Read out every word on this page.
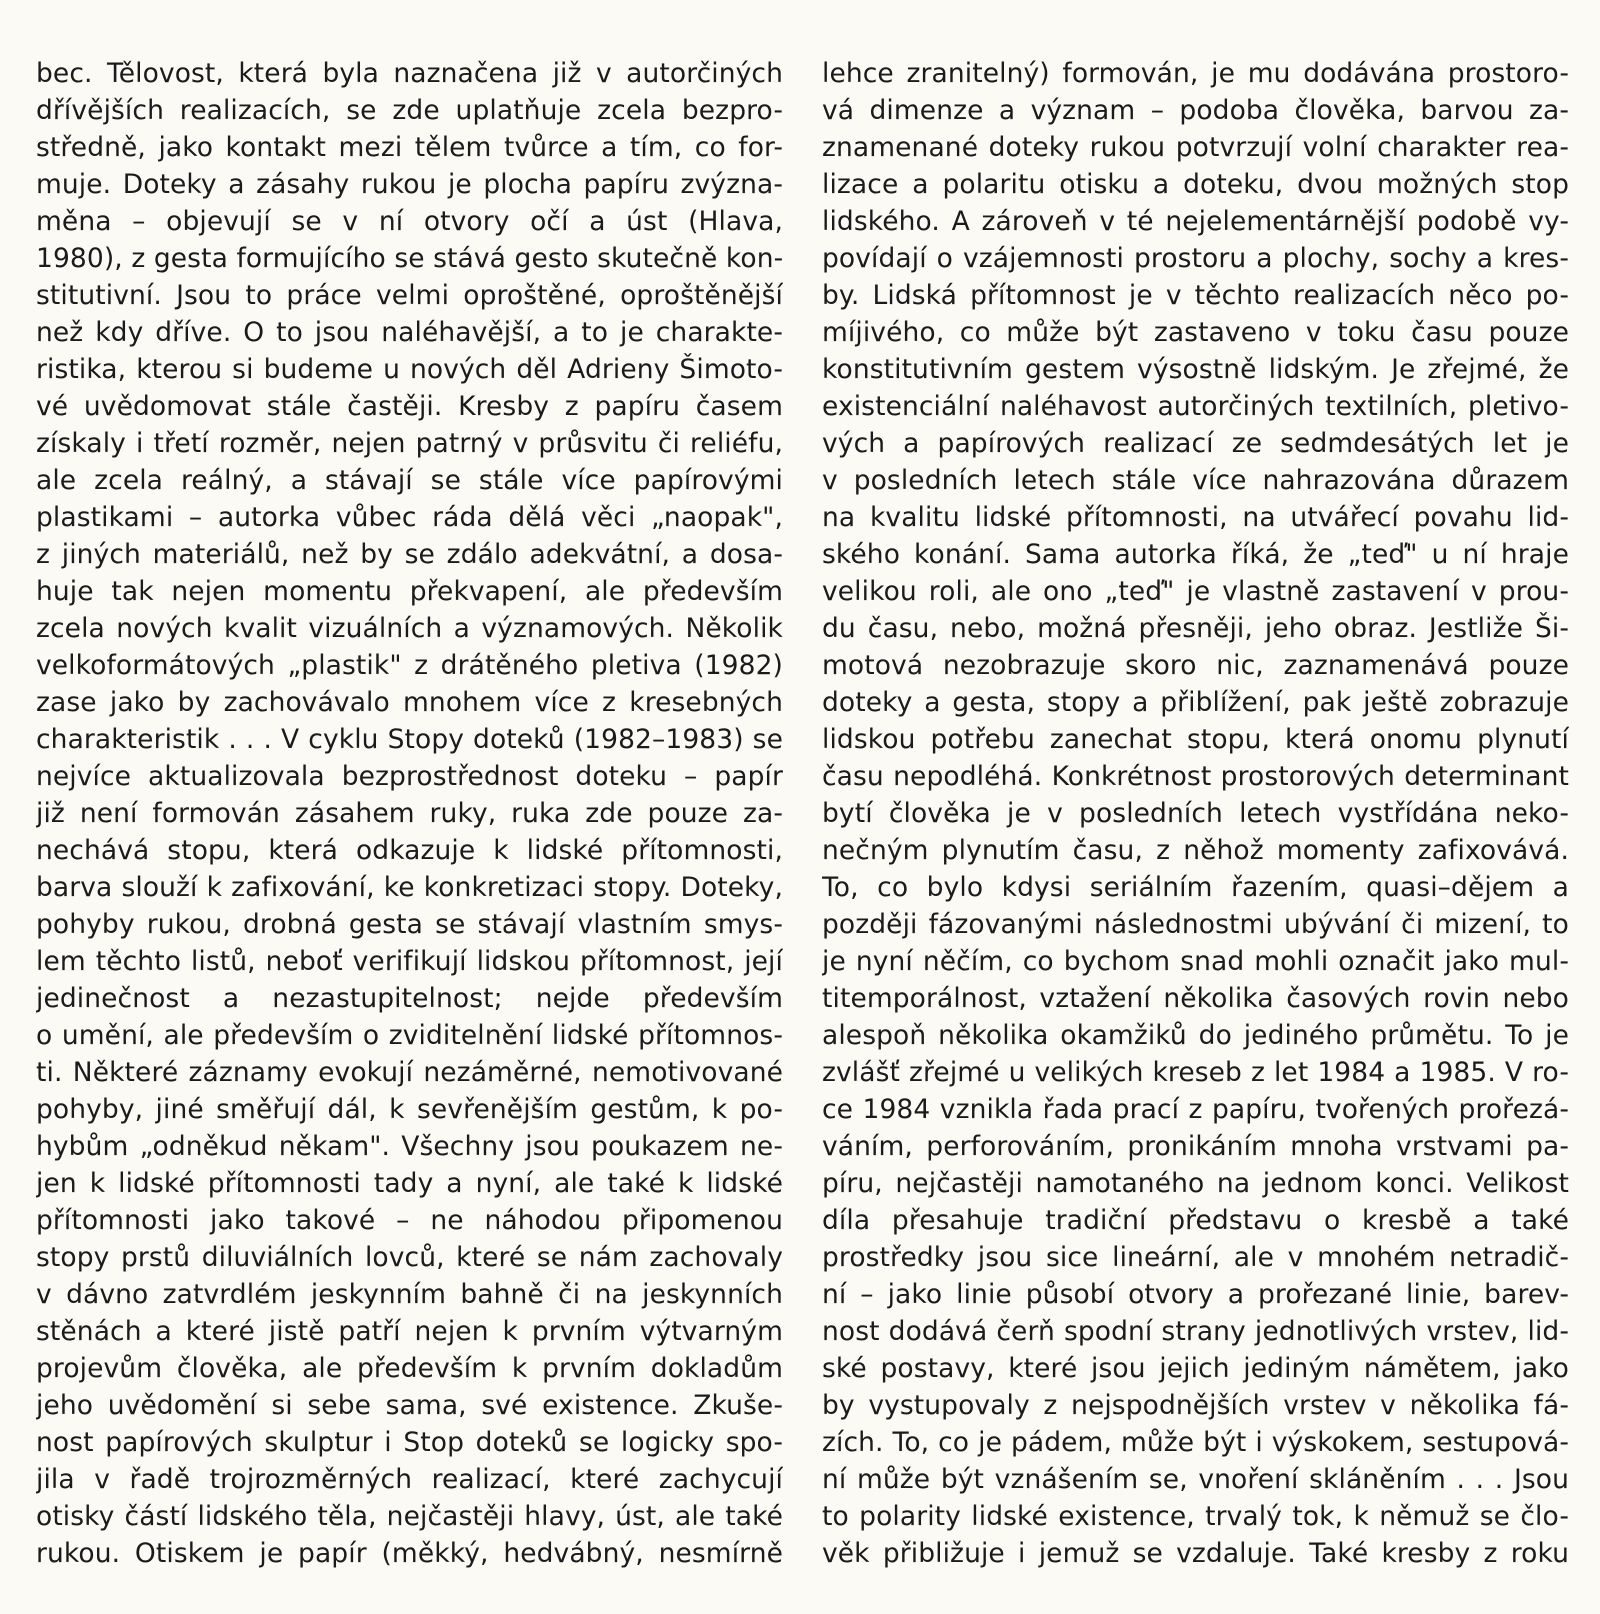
bec. Tělovost, která byla naznačena již v autorčiných
dřívějších realizacích, se zde uplatňuje zcela bezpro-
středně, jako kontakt mezi tělem tvůrce a tím, co for-
muje. Doteky a zásahy rukou je plocha papíru zvýzna-
měna – objevují se v ní otvory očí a úst (Hlava,
1980), z gesta formujícího se stává gesto skutečně kon-
stitutivní. Jsou to práce velmi oproštěné, oproštěnější
než kdy dříve. O to jsou naléhavější, a to je charakte-
ristika, kterou si budeme u nových děl Adrieny Šimoto-
vé uvědomovat stále častěji. Kresby z papíru časem
získaly i třetí rozměr, nejen patrný v průsvitu či reliéfu,
ale zcela reálný, a stávají se stále více papírovými
plastikami – autorka vůbec ráda dělá věci „naopak",
z jiných materiálů, než by se zdálo adekvátní, a dosa-
huje tak nejen momentu překvapení, ale především
zcela nových kvalit vizuálních a významových. Několik
velkoformátových „plastik" z drátěného pletiva (1982)
zase jako by zachovávalo mnohem více z kresebných
charakteristik . . . V cyklu Stopy doteků (1982–1983) se
nejvíce aktualizovala bezprostřednost doteku – papír
již není formován zásahem ruky, ruka zde pouze za-
nechává stopu, která odkazuje k lidské přítomnosti,
barva slouží k zafixování, ke konkretizaci stopy. Doteky,
pohyby rukou, drobná gesta se stávají vlastním smys-
lem těchto listů, neboť verifikují lidskou přítomnost, její
jedinečnost a nezastupitelnost; nejde především
o umění, ale především o zviditelnění lidské přítomnos-
ti. Některé záznamy evokují nezáměrné, nemotivované
pohyby, jiné směřují dál, k sevřenějším gestům, k po-
hybům „odněkud někam". Všechny jsou poukazem ne-
jen k lidské přítomnosti tady a nyní, ale také k lidské
přítomnosti jako takové – ne náhodou připomenou
stopy prstů diluviálních lovců, které se nám zachovaly
v dávno zatvrdlém jeskynním bahně či na jeskynních
stěnách a které jistě patří nejen k prvním výtvarným
projevům člověka, ale především k prvním dokladům
jeho uvědomění si sebe sama, své existence. Zkuše-
nost papírových skulptur i Stop doteků se logicky spo-
jila v řadě trojrozměrných realizací, které zachycují
otisky částí lidského těla, nejčastěji hlavy, úst, ale také
rukou. Otiskem je papír (měkký, hedvábný, nesmírně
lehce zranitelný) formován, je mu dodávána prostoro-
vá dimenze a význam – podoba člověka, barvou za-
znamenané doteky rukou potvrzují volní charakter rea-
lizace a polaritu otisku a doteku, dvou možných stop
lidského. A zároveň v té nejelementárnější podobě vy-
povídají o vzájemnosti prostoru a plochy, sochy a kres-
by. Lidská přítomnost je v těchto realizacích něco po-
míjivého, co může být zastaveno v toku času pouze
konstitutivním gestem výsostně lidským. Je zřejmé, že
existenciální naléhavost autorčiných textilních, pletivo-
vých a papírových realizací ze sedmdesátých let je
v posledních letech stále více nahrazována důrazem
na kvalitu lidské přítomnosti, na utvářecí povahu lid-
ského konání. Sama autorka říká, že „teď" u ní hraje
velikou roli, ale ono „teď" je vlastně zastavení v prou-
du času, nebo, možná přesněji, jeho obraz. Jestliže Ši-
motová nezobrazuje skoro nic, zaznamenává pouze
doteky a gesta, stopy a přiblížení, pak ještě zobrazuje
lidskou potřebu zanechat stopu, která onomu plynutí
času nepodléhá. Konkrétnost prostorových determinant
bytí člověka je v posledních letech vystřídána neko-
nečným plynutím času, z něhož momenty zafixovává.
To, co bylo kdysi seriálním řazením, quasi–dějem a
později fázovanými následnostmi ubývání či mizení, to
je nyní něčím, co bychom snad mohli označit jako mul-
titemporálnost, vztažení několika časových rovin nebo
alespoň několika okamžiků do jediného průmětu. To je
zvlášť zřejmé u velikých kreseb z let 1984 a 1985. V ro-
ce 1984 vznikla řada prací z papíru, tvořených prořezá-
váním, perforováním, pronikáním mnoha vrstvami pa-
píru, nejčastěji namotaného na jednom konci. Velikost
díla přesahuje tradiční představu o kresbě a také
prostředky jsou sice lineární, ale v mnohém netradič-
ní – jako linie působí otvory a prořezané linie, barev-
nost dodává čerň spodní strany jednotlivých vrstev, lid-
ské postavy, které jsou jejich jediným námětem, jako
by vystupovaly z nejspodnějších vrstev v několika fá-
zích. To, co je pádem, může být i výskokem, sestupová-
ní může být vznášením se, vnoření skláněním . . . Jsou
to polarity lidské existence, trvalý tok, k němuž se člo-
věk přibližuje i jemuž se vzdaluje. Také kresby z roku
